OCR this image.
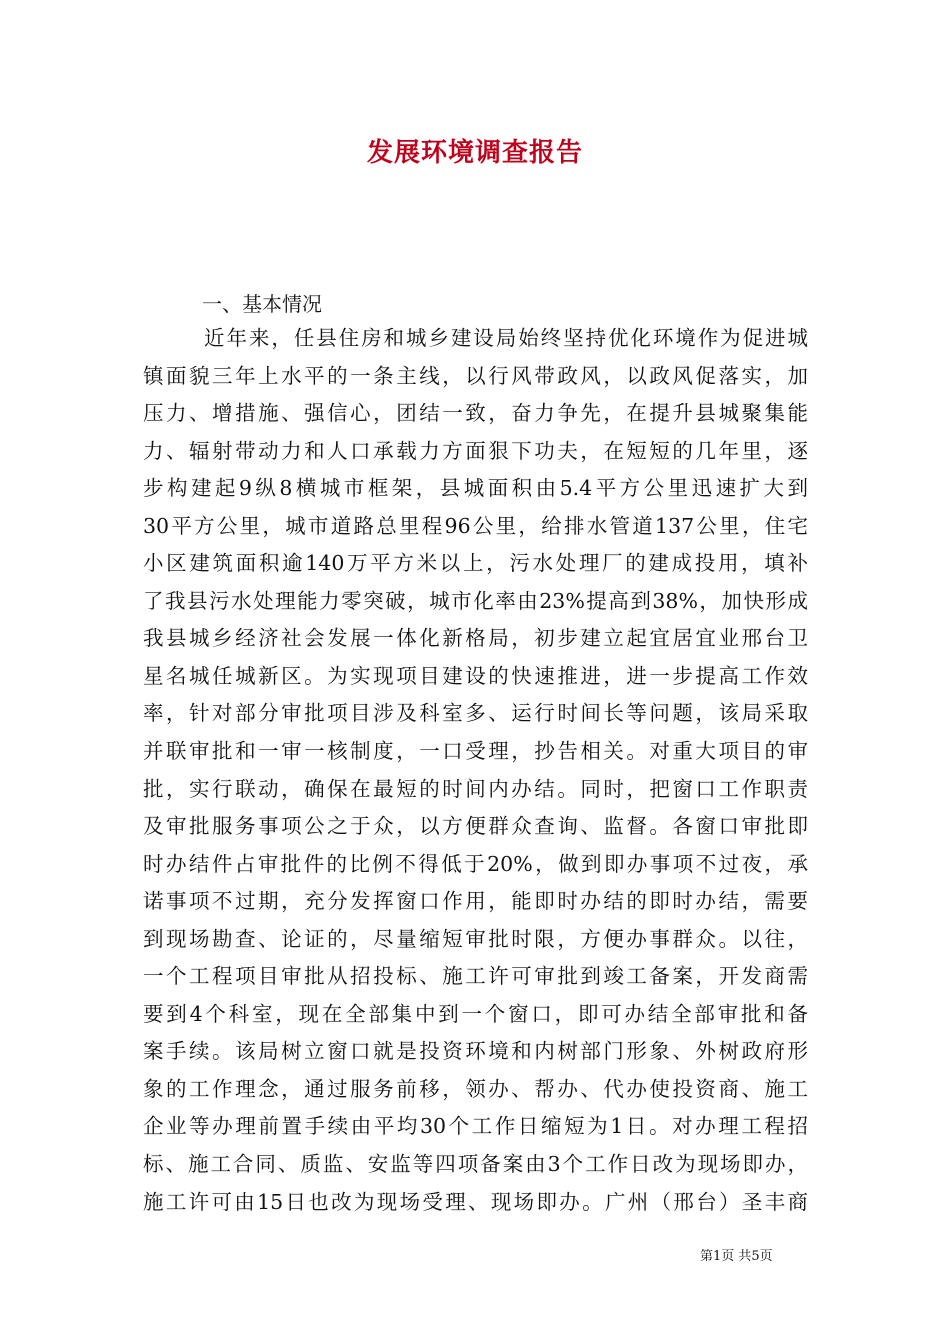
发展环境调查报告
一、基本情况
近年来，任县住房和城乡建设局始终坚持优化环境作为促进城
镇面貌三年上水平的一条主线，以行风带政风，以政风促落实，加
压力、增措施、强信心，团结一致，奋力争先，在提升县城聚集能
力、辐射带动力和人口承载力方面狠下功夫，在短短的几年里，逐
步构建起9纵8横城市框架，县城面积由5.4平方公里迅速扩大到
30平方公里，城市道路总里程96公里，给排水管道137公里，住宅
小区建筑面积逾140万平方米以上，污水处理厂的建成投用，填补
了我县污水处理能力零突破，城市化率由23%提高到38%，加快形成
我县城乡经济社会发展一体化新格局，初步建立起宜居宜业邢台卫
星名城任城新区。为实现项目建设的快速推进，进一步提高工作效
率，针对部分审批项目涉及科室多、运行时间长等问题，该局采取
并联审批和一审一核制度，一口受理，抄告相关。对重大项目的审
批，实行联动，确保在最短的时间内办结。同时，把窗口工作职责
及审批服务事项公之于众，以方便群众查询、监督。各窗口审批即
时办结件占审批件的比例不得低于20%，做到即办事项不过夜，承
诺事项不过期，充分发挥窗口作用，能即时办结的即时办结，需要
到现场勘查、论证的，尽量缩短审批时限，方便办事群众。以往，
一个工程项目审批从招投标、施工许可审批到竣工备案，开发商需
要到4个科室，现在全部集中到一个窗口，即可办结全部审批和备
案手续。该局树立窗口就是投资环境和内树部门形象、外树政府形
象的工作理念，通过服务前移，领办、帮办、代办使投资商、施工
企业等办理前置手续由平均30个工作日缩短为1日。对办理工程招
标、施工合同、质监、安监等四项备案由3个工作日改为现场即办，
施工许可由15日也改为现场受理、现场即办。广州（邢台）圣丰商
第1页 共5页
